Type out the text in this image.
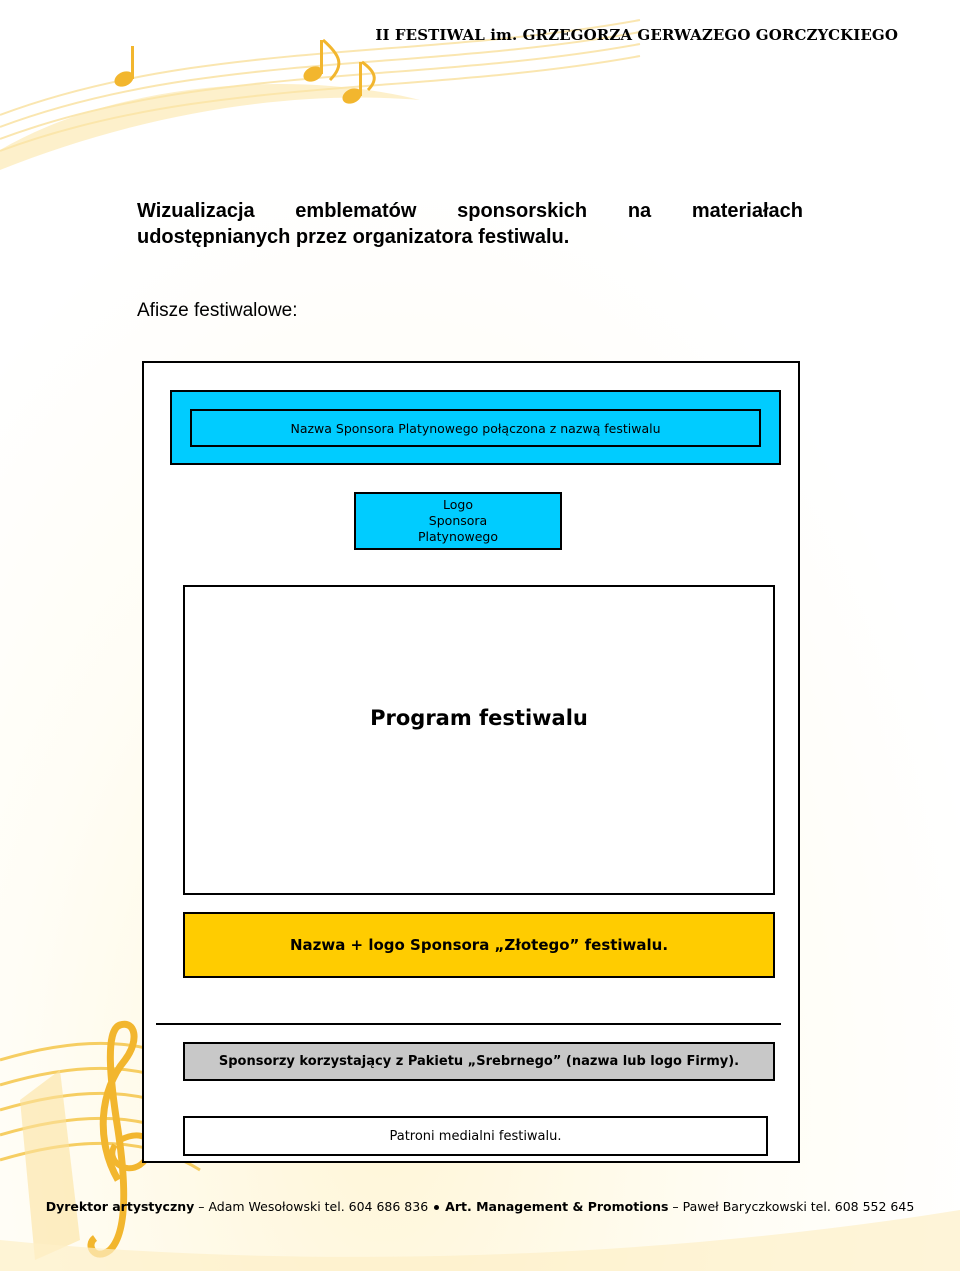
II FESTIWAL im. GRZEGORZA GERWAZEGO GORCZYCKIEGO
Wizualizacja emblematów sponsorskich na materiałach
udostępnianych przez organizatora festiwalu.
Afisze festiwalowe:
Nazwa Sponsora Platynowego połączona z nazwą festiwalu
Logo Sponsora Platynowego
Program festiwalu
Nazwa + logo Sponsora „Złotego” festiwalu.
Sponsorzy korzystający z Pakietu „Srebrnego” (nazwa lub logo Firmy).
Patroni medialni festiwalu.
Dyrektor artystyczny – Adam Wesołowski tel. 604 686 836 Art. Management & Promotions – Paweł Baryczkowski tel. 608 552 645
